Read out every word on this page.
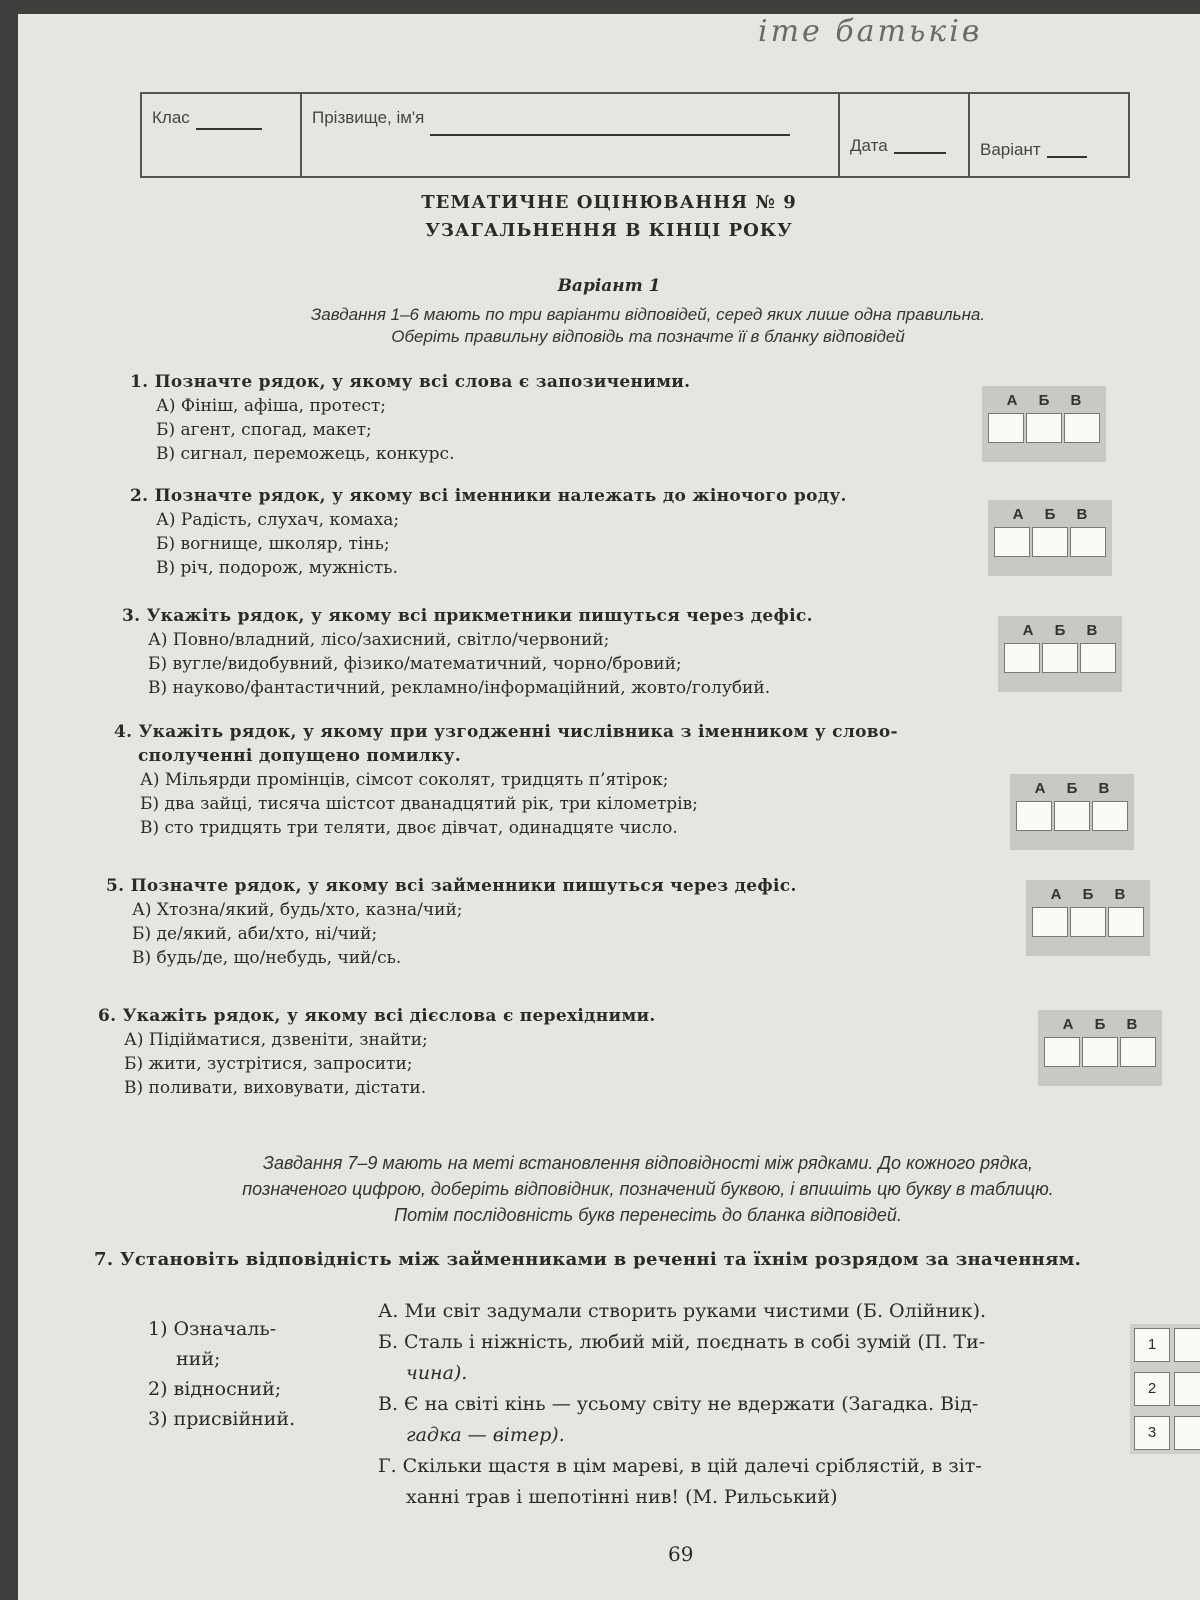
іте батьків
Клас	Прізвище, ім'я
Дата	Варіант
ТЕМАТИЧНЕ ОЦІНЮВАННЯ № 9
УЗАГАЛЬНЕННЯ В КІНЦІ РОКУ
Варіант 1
Завдання 1–6 мають по три варіанти відповідей, серед яких лише одна правильна.
Оберіть правильну відповідь та позначте її в бланку відповідей
1. Позначте рядок, у якому всі слова є запозиченими.
А) Фініш, афіша, протест;
Б) агент, спогад, макет;
В) сигнал, переможець, конкурс.
А Б В
2. Позначте рядок, у якому всі іменники належать до жіночого роду.
А) Радість, слухач, комаха;
Б) вогнище, школяр, тінь;
В) річ, подорож, мужність.
А Б В
3. Укажіть рядок, у якому всі прикметники пишуться через дефіс.
А) Повно/владний, лісо/захисний, світло/червоний;
Б) вугле/видобувний, фізико/математичний, чорно/бровий;
В) науково/фантастичний, рекламно/інформаційний, жовто/голубий.
А Б В
4. Укажіть рядок, у якому при узгодженні числівника з іменником у слово-
сполученні допущено помилку.
А) Мільярди промінців, сімсот соколят, тридцять п’ятірок;
Б) два зайці, тисяча шістсот дванадцятий рік, три кілометрів;
В) сто тридцять три теляти, двоє дівчат, одинадцяте число.
А Б В
5. Позначте рядок, у якому всі займенники пишуться через дефіс.
А) Хтозна/який, будь/хто, казна/чий;
Б) де/який, аби/хто, ні/чий;
В) будь/де, що/небудь, чий/сь.
А Б В
6. Укажіть рядок, у якому всі дієслова є перехідними.
А) Підійматися, дзвеніти, знайти;
Б) жити, зустрітися, запросити;
В) поливати, виховувати, дістати.
А Б В
Завдання 7–9 мають на меті встановлення відповідності між рядками. До кожного рядка,
позначеного цифрою, доберіть відповідник, позначений буквою, і впишіть цю букву в таблицю.
Потім послідовність букв перенесіть до бланка відповідей.
7. Установіть відповідність між займенниками в реченні та їхнім розрядом за значенням.
1) Означаль-
ний;
2) відносний;
3) присвійний.
А. Ми світ задумали створить руками чистими (Б. Олійник).
Б. Сталь і ніжність, любий мій, поєднать в собі зумій (П. Ти-
чина).
В. Є на світі кінь — усьому світу не вдержати (Загадка. Від-
гадка — вітер).
Г. Скільки щастя в цім мареві, в цій далечі сріблястій, в зіт-
ханні трав і шепотінні нив! (М. Рильський)
1
2
3
69
